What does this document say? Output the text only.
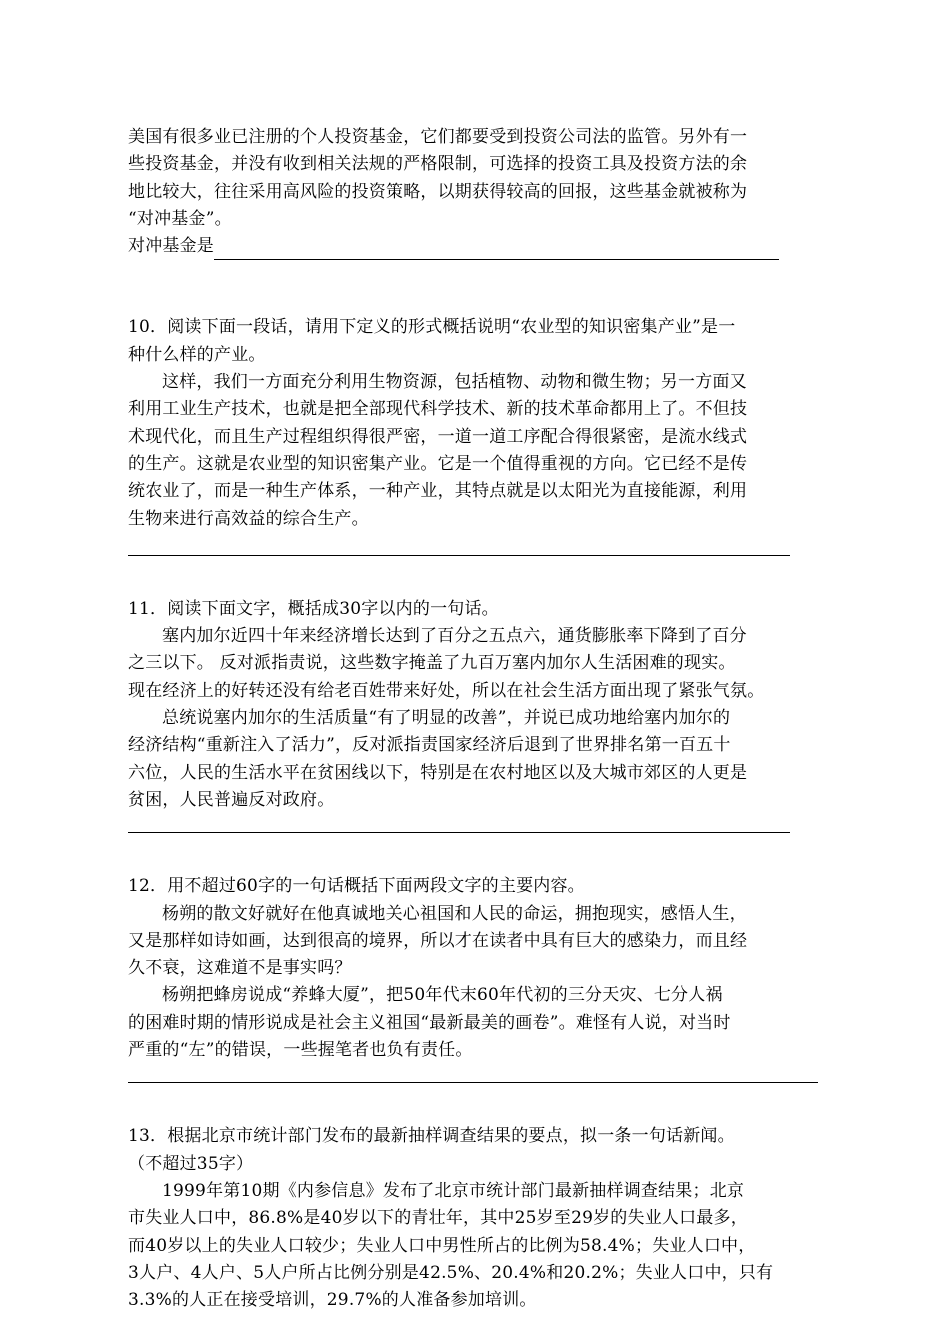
美国有很多业已注册的个人投资基金，它们都要受到投资公司法的监管。另外有一
些投资基金，并没有收到相关法规的严格限制，可选择的投资工具及投资方法的余
地比较大，往往采用高风险的投资策略，以期获得较高的回报，这些基金就被称为
“对冲基金”。
对冲基金是
10．阅读下面一段话，请用下定义的形式概括说明“农业型的知识密集产业”是一
种什么样的产业。
这样，我们一方面充分利用生物资源，包括植物、动物和微生物；另一方面又
利用工业生产技术，也就是把全部现代科学技术、新的技术革命都用上了。不但技
术现代化，而且生产过程组织得很严密，一道一道工序配合得很紧密，是流水线式
的生产。这就是农业型的知识密集产业。它是一个值得重视的方向。它已经不是传
统农业了，而是一种生产体系，一种产业，其特点就是以太阳光为直接能源，利用
生物来进行高效益的综合生产。
11．阅读下面文字，概括成30字以内的一句话。
塞内加尔近四十年来经济增长达到了百分之五点六，通货膨胀率下降到了百分
之三以下。 反对派指责说，这些数字掩盖了九百万塞内加尔人生活困难的现实。
现在经济上的好转还没有给老百姓带来好处，所以在社会生活方面出现了紧张气氛。
总统说塞内加尔的生活质量“有了明显的改善”，并说已成功地给塞内加尔的
经济结构“重新注入了活力”，反对派指责国家经济后退到了世界排名第一百五十
六位，人民的生活水平在贫困线以下，特别是在农村地区以及大城市郊区的人更是
贫困，人民普遍反对政府。
12．用不超过60字的一句话概括下面两段文字的主要内容。
杨朔的散文好就好在他真诚地关心祖国和人民的命运，拥抱现实，感悟人生，
又是那样如诗如画，达到很高的境界，所以才在读者中具有巨大的感染力，而且经
久不衰，这难道不是事实吗？
杨朔把蜂房说成“养蜂大厦”，把50年代末60年代初的三分天灾、七分人祸
的困难时期的情形说成是社会主义祖国“最新最美的画卷”。难怪有人说，对当时
严重的“左”的错误，一些握笔者也负有责任。
13．根据北京市统计部门发布的最新抽样调查结果的要点，拟一条一句话新闻。
（不超过35字）
1999年第10期《内参信息》发布了北京市统计部门最新抽样调查结果；北京
市失业人口中，86.8%是40岁以下的青壮年，其中25岁至29岁的失业人口最多，
而40岁以上的失业人口较少；失业人口中男性所占的比例为58.4%；失业人口中，
3人户、4人户、5人户所占比例分别是42.5%、20.4%和20.2%；失业人口中，只有
3.3%的人正在接受培训，29.7%的人准备参加培训。
